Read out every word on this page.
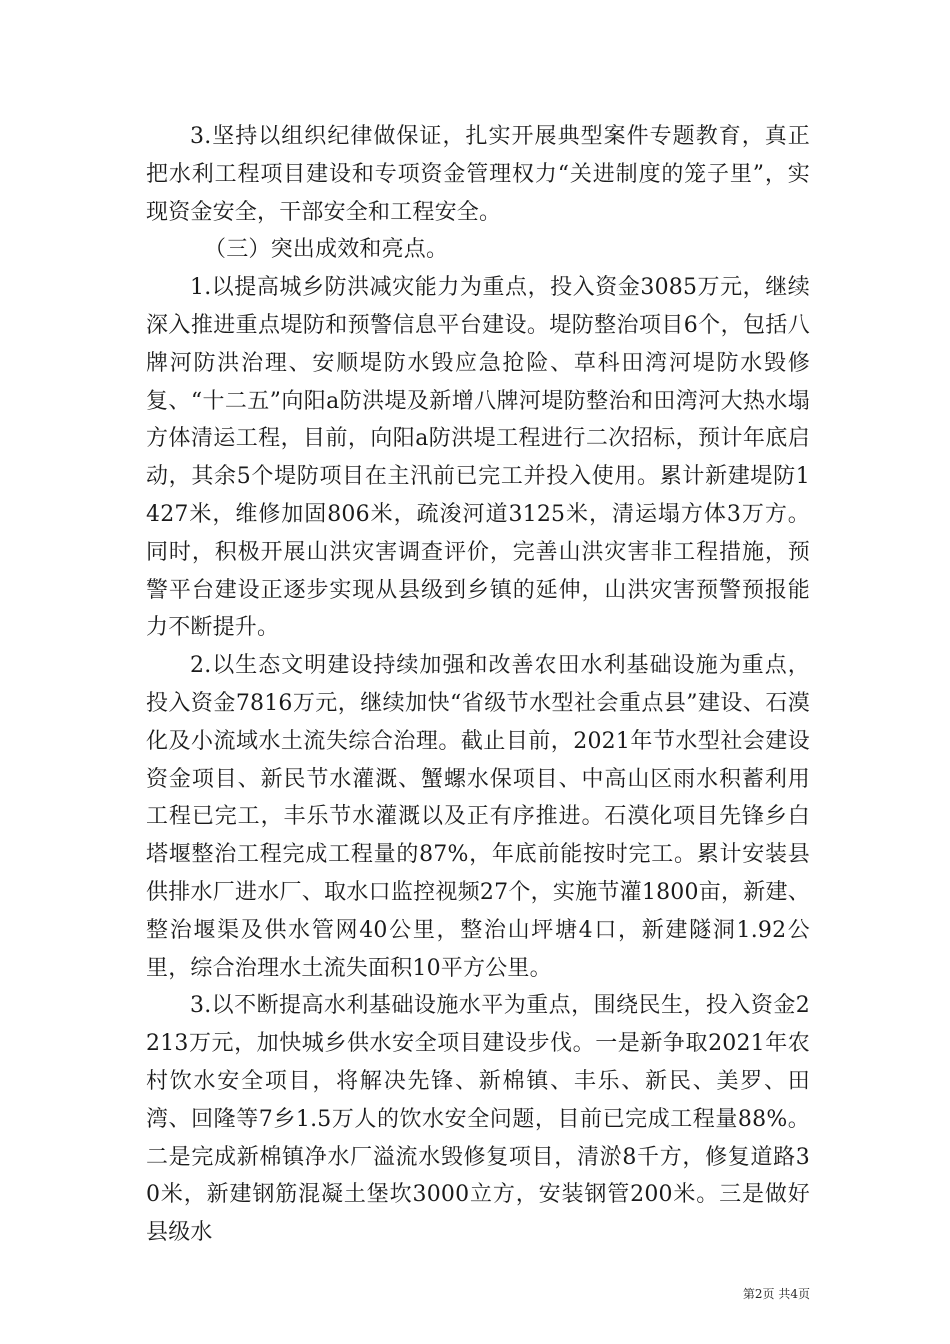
3.坚持以组织纪律做保证，扎实开展典型案件专题教育，真正把水利工程项目建设和专项资金管理权力“关进制度的笼子里”，实现资金安全，干部安全和工程安全。

（三）突出成效和亮点。

1.以提高城乡防洪减灾能力为重点，投入资金3085万元，继续深入推进重点堤防和预警信息平台建设。堤防整治项目6个，包括八牌河防洪治理、安顺堤防水毁应急抢险、草科田湾河堤防水毁修复、“十二五”向阳a防洪堤及新增八牌河堤防整治和田湾河大热水塌方体清运工程，目前，向阳a防洪堤工程进行二次招标，预计年底启动，其余5个堤防项目在主汛前已完工并投入使用。累计新建堤防1427米，维修加固806米，疏浚河道3125米，清运塌方体3万方。同时，积极开展山洪灾害调查评价，完善山洪灾害非工程措施，预警平台建设正逐步实现从县级到乡镇的延伸，山洪灾害预警预报能力不断提升。

2.以生态文明建设持续加强和改善农田水利基础设施为重点，投入资金7816万元，继续加快“省级节水型社会重点县”建设、石漠化及小流域水土流失综合治理。截止目前，2021年节水型社会建设资金项目、新民节水灌溉、蟹螺水保项目、中高山区雨水积蓄利用工程已完工，丰乐节水灌溉以及正有序推进。石漠化项目先锋乡白塔堰整治工程完成工程量的87%，年底前能按时完工。累计安装县供排水厂进水厂、取水口监控视频27个，实施节灌1800亩，新建、整治堰渠及供水管网40公里，整治山坪塘4口，新建隧洞1.92公里，综合治理水土流失面积10平方公里。

3.以不断提高水利基础设施水平为重点，围绕民生，投入资金2213万元，加快城乡供水安全项目建设步伐。一是新争取2021年农村饮水安全项目，将解决先锋、新棉镇、丰乐、新民、美罗、田湾、回隆等7乡1.5万人的饮水安全问题，目前已完成工程量88%。二是完成新棉镇净水厂溢流水毁修复项目，清淤8千方，修复道路30米，新建钢筋混凝土堡坎3000立方，安装钢管200米。三是做好县级水

第2页 共4页
